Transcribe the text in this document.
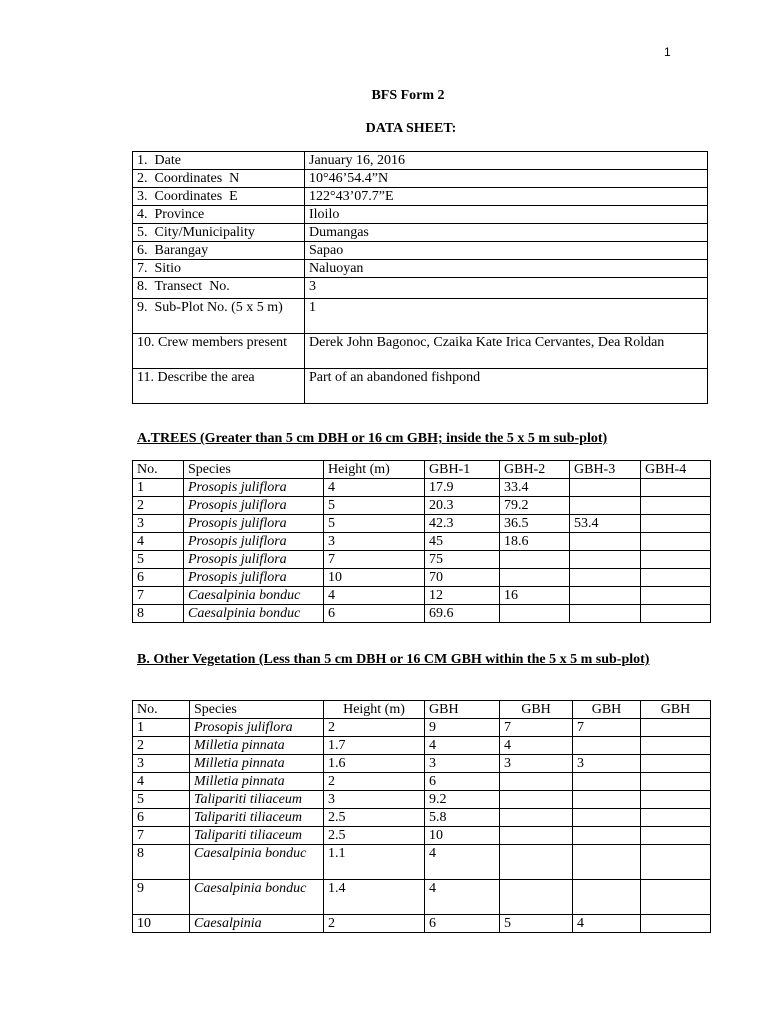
1
BFS Form 2
DATA SHEET:
1.  Date	January 16, 2016
2.  Coordinates  N	10°46’54.4”N
3.  Coordinates  E	122°43’07.7”E
4.  Province	Iloilo
5.  City/Municipality	Dumangas
6.  Barangay	Sapao
7.  Sitio	Naluoyan
8.  Transect  No.	3
9.  Sub-Plot No. (5 x 5 m)	1
10. Crew members present	Derek John Bagonoc, Czaika Kate Irica Cervantes, Dea Roldan
11. Describe the area	Part of an abandoned fishpond
A.TREES (Greater than 5 cm DBH or 16 cm GBH; inside the 5 x 5 m sub-plot)
No.	Species	Height (m)	GBH-1	GBH-2	GBH-3	GBH-4
1	Prosopis juliflora	4	17.9	33.4		
2	Prosopis juliflora	5	20.3	79.2		
3	Prosopis juliflora	5	42.3	36.5	53.4	
4	Prosopis juliflora	3	45	18.6		
5	Prosopis juliflora	7	75			
6	Prosopis juliflora	10	70			
7	Caesalpinia bonduc	4	12	16		
8	Caesalpinia bonduc	6	69.6			
B. Other Vegetation (Less than 5 cm DBH or 16 CM GBH within the 5 x 5 m sub-plot)
No.	Species	Height (m)	GBH	GBH	GBH	GBH
1	Prosopis juliflora	2	9	7	7	
2	Milletia pinnata	1.7	4	4		
3	Milletia pinnata	1.6	3	3	3	
4	Milletia pinnata	2	6			
5	Talipariti tiliaceum	3	9.2			
6	Talipariti tiliaceum	2.5	5.8			
7	Talipariti tiliaceum	2.5	10			
8	Caesalpinia bonduc	1.1	4			
9	Caesalpinia bonduc	1.4	4			
10	Caesalpinia	2	6	5	4	
